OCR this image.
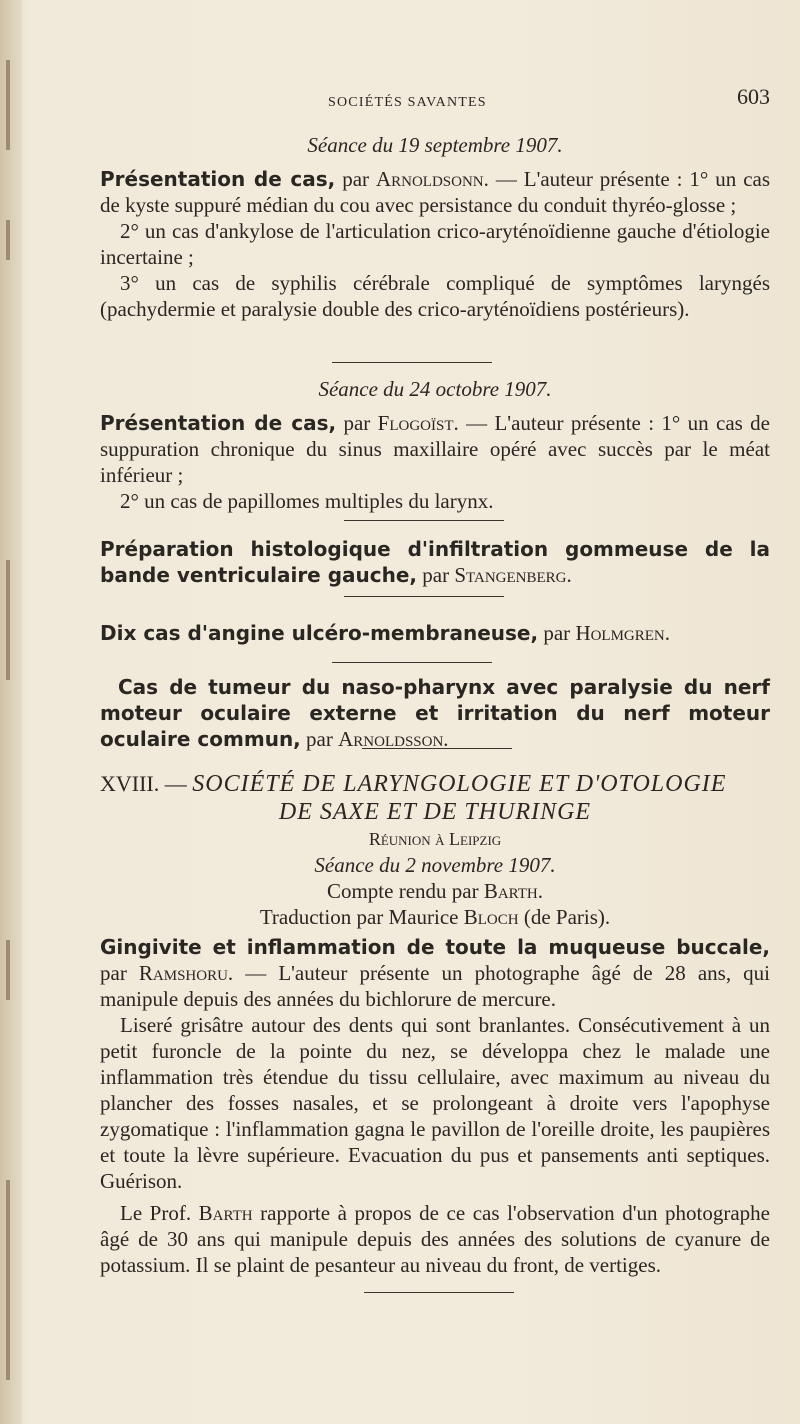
SOCIÉTÉS SAVANTES	603

Séance du 19 septembre 1907.

Présentation de cas, par Arnoldsonn. — L'auteur présente : 1° un cas de kyste suppuré médian du cou avec persistance du conduit thyréo-glosse ;

2° un cas d'ankylose de l'articulation crico-aryténoïdienne gauche d'étiologie incertaine ;

3° un cas de syphilis cérébrale compliqué de symptômes laryngés (pachydermie et paralysie double des crico-aryténoïdiens postérieurs).

Séance du 24 octobre 1907.

Présentation de cas, par Flogoïst. — L'auteur présente : 1° un cas de suppuration chronique du sinus maxillaire opéré avec succès par le méat inférieur ;

2° un cas de papillomes multiples du larynx.

Préparation histologique d'infiltration gommeuse de la bande ventriculaire gauche, par Stangenberg.

Dix cas d'angine ulcéro-membraneuse, par Holmgren.

Cas de tumeur du naso-pharynx avec paralysie du nerf moteur oculaire externe et irritation du nerf moteur oculaire commun, par Arnoldsson.

XVIII. — SOCIÉTÉ DE LARYNGOLOGIE ET D'OTOLOGIE

DE SAXE ET DE THURINGE

Réunion à Leipzig

Séance du 2 novembre 1907.

Compte rendu par Barth.

Traduction par Maurice Bloch (de Paris).

Gingivite et inflammation de toute la muqueuse buccale, par Ramshoru. — L'auteur présente un photographe âgé de 28 ans, qui manipule depuis des années du bichlorure de mercure.

Liseré grisâtre autour des dents qui sont branlantes. Consécutivement à un petit furoncle de la pointe du nez, se développa chez le malade une inflammation très étendue du tissu cellulaire, avec maximum au niveau du plancher des fosses nasales, et se prolongeant à droite vers l'apophyse zygomatique : l'inflammation gagna le pavillon de l'oreille droite, les paupières et toute la lèvre supérieure. Evacuation du pus et pansements anti septiques. Guérison.

Le Prof. Barth rapporte à propos de ce cas l'observation d'un photographe âgé de 30 ans qui manipule depuis des années des solutions de cyanure de potassium. Il se plaint de pesanteur au niveau du front, de vertiges.
